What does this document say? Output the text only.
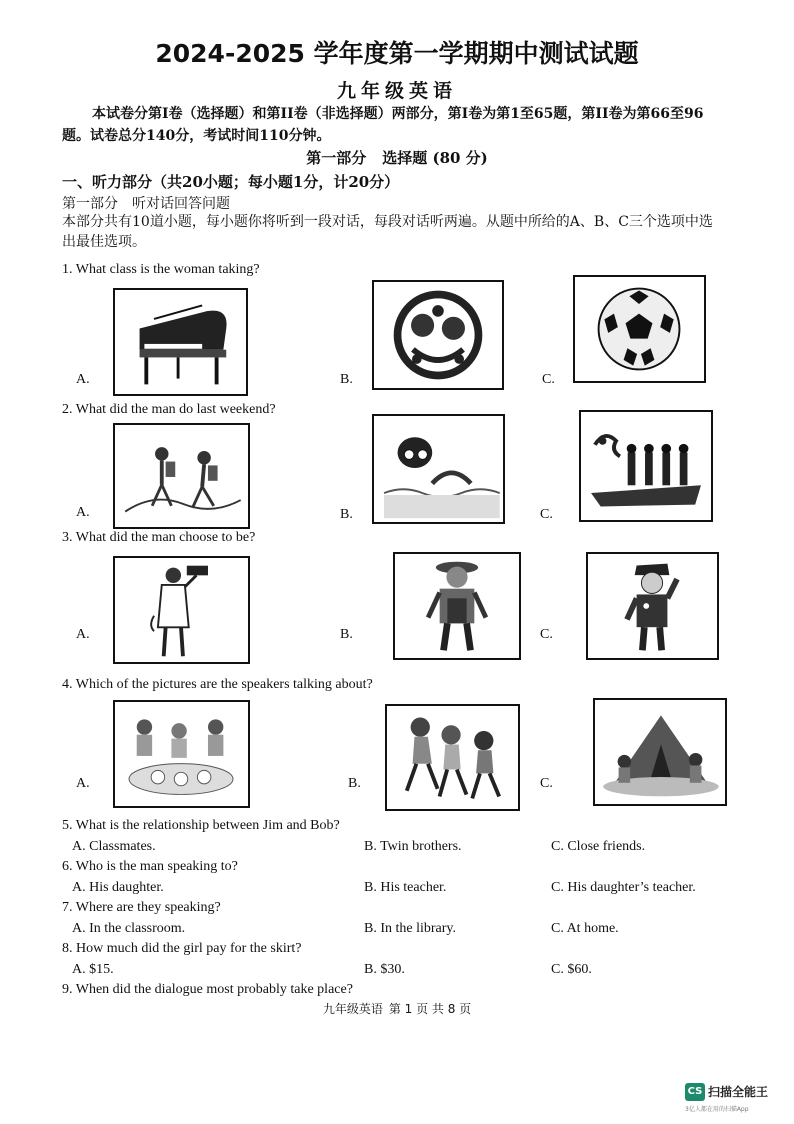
2024-2025 学年度第一学期期中测试试题
九年级英语
本试卷分第I卷（选择题）和第II卷（非选择题）两部分，第I卷为第1至65题，第II卷为第66至96题。试卷总分140分，考试时间110分钟。
第一部分 选择题 (80 分)
一、听力部分（共20小题；每小题1分，计20分）
第一部分 听对话回答问题
本部分共有10道小题，每小题你将听到一段对话，每段对话听两遍。从题中所给的A、B、C三个选项中选出最佳选项。
1. What class is the woman taking?
A.	B.	C.
2. What did the man do last weekend?
A.	B.	C.
3. What did the man choose to be?
A.	B.	C.
4. Which of the pictures are the speakers talking about?
A.	B.	C.
5. What is the relationship between Jim and Bob?
A. Classmates.	B. Twin brothers.	C. Close friends.
6. Who is the man speaking to?
A. His daughter.	B. His teacher.	C. His daughter’s teacher.
7. Where are they speaking?
A. In the classroom.	B. In the library.	C. At home.
8. How much did the girl pay for the skirt?
A. $15.	B. $30.	C. $60.
9. When did the dialogue most probably take place?
九年级英语 第 1 页 共 8 页
CS 扫描全能王
3亿人都在用的扫描App
